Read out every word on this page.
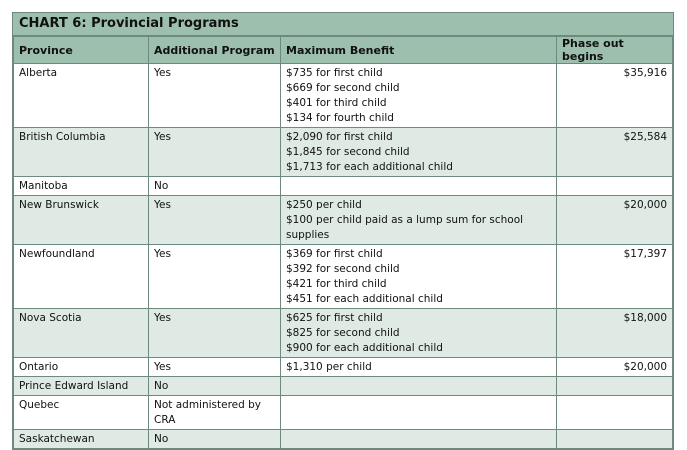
CHART 6: Provincial Programs
Province	Additional Program	Maximum Benefit	Phase out begins
Alberta	Yes	$735 for first child
$669 for second child
$401 for third child
$134 for fourth child	$35,916
British Columbia	Yes	$2,090 for first child
$1,845 for second child
$1,713 for each additional child	$25,584
Manitoba	No	

New Brunswick	Yes	$250 per child
$100 per child paid as a lump sum for school supplies	$20,000
Newfoundland	Yes	$369 for first child
$392 for second child
$421 for third child
$451 for each additional child	$17,397
Nova Scotia	Yes	$625 for first child
$825 for second child
$900 for each additional child	$18,000
Ontario	Yes	$1,310 per child	$20,000
Prince Edward Island	No	

Quebec	Not administered by CRA	

Saskatchewan	No	
